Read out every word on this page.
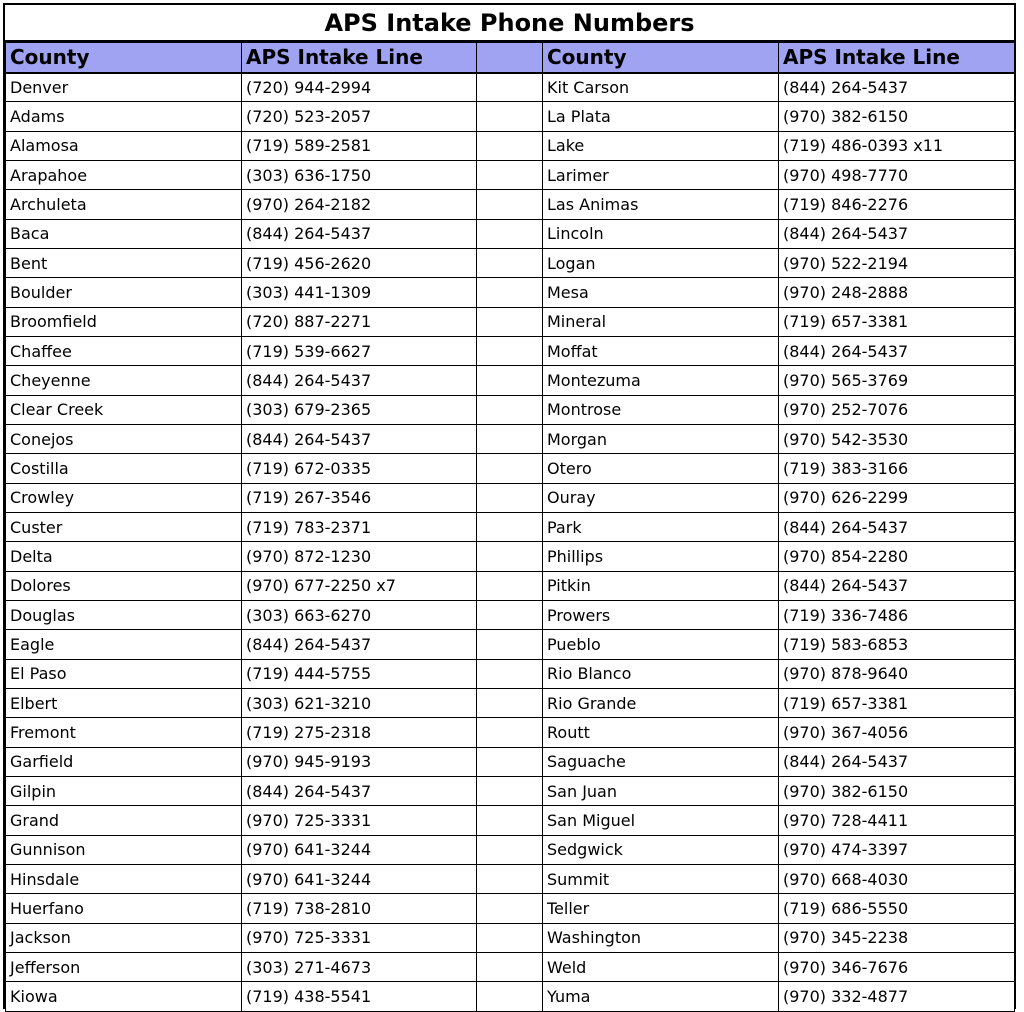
APS Intake Phone Numbers
County	APS Intake Line		County	APS Intake Line
Denver	(720) 944-2994		Kit Carson	(844) 264-5437
Adams	(720) 523-2057		La Plata	(970) 382-6150
Alamosa	(719) 589-2581		Lake	(719) 486-0393 x11
Arapahoe	(303) 636-1750		Larimer	(970) 498-7770
Archuleta	(970) 264-2182		Las Animas	(719) 846-2276
Baca	(844) 264-5437		Lincoln	(844) 264-5437
Bent	(719) 456-2620		Logan	(970) 522-2194
Boulder	(303) 441-1309		Mesa	(970) 248-2888
Broomfield	(720) 887-2271		Mineral	(719) 657-3381
Chaffee	(719) 539-6627		Moffat	(844) 264-5437
Cheyenne	(844) 264-5437		Montezuma	(970) 565-3769
Clear Creek	(303) 679-2365		Montrose	(970) 252-7076
Conejos	(844) 264-5437		Morgan	(970) 542-3530
Costilla	(719) 672-0335		Otero	(719) 383-3166
Crowley	(719) 267-3546		Ouray	(970) 626-2299
Custer	(719) 783-2371		Park	(844) 264-5437
Delta	(970) 872-1230		Phillips	(970) 854-2280
Dolores	(970) 677-2250 x7		Pitkin	(844) 264-5437
Douglas	(303) 663-6270		Prowers	(719) 336-7486
Eagle	(844) 264-5437		Pueblo	(719) 583-6853
El Paso	(719) 444-5755		Rio Blanco	(970) 878-9640
Elbert	(303) 621-3210		Rio Grande	(719) 657-3381
Fremont	(719) 275-2318		Routt	(970) 367-4056
Garfield	(970) 945-9193		Saguache	(844) 264-5437
Gilpin	(844) 264-5437		San Juan	(970) 382-6150
Grand	(970) 725-3331		San Miguel	(970) 728-4411
Gunnison	(970) 641-3244		Sedgwick	(970) 474-3397
Hinsdale	(970) 641-3244		Summit	(970) 668-4030
Huerfano	(719) 738-2810		Teller	(719) 686-5550
Jackson	(970) 725-3331		Washington	(970) 345-2238
Jefferson	(303) 271-4673		Weld	(970) 346-7676
Kiowa	(719) 438-5541		Yuma	(970) 332-4877
